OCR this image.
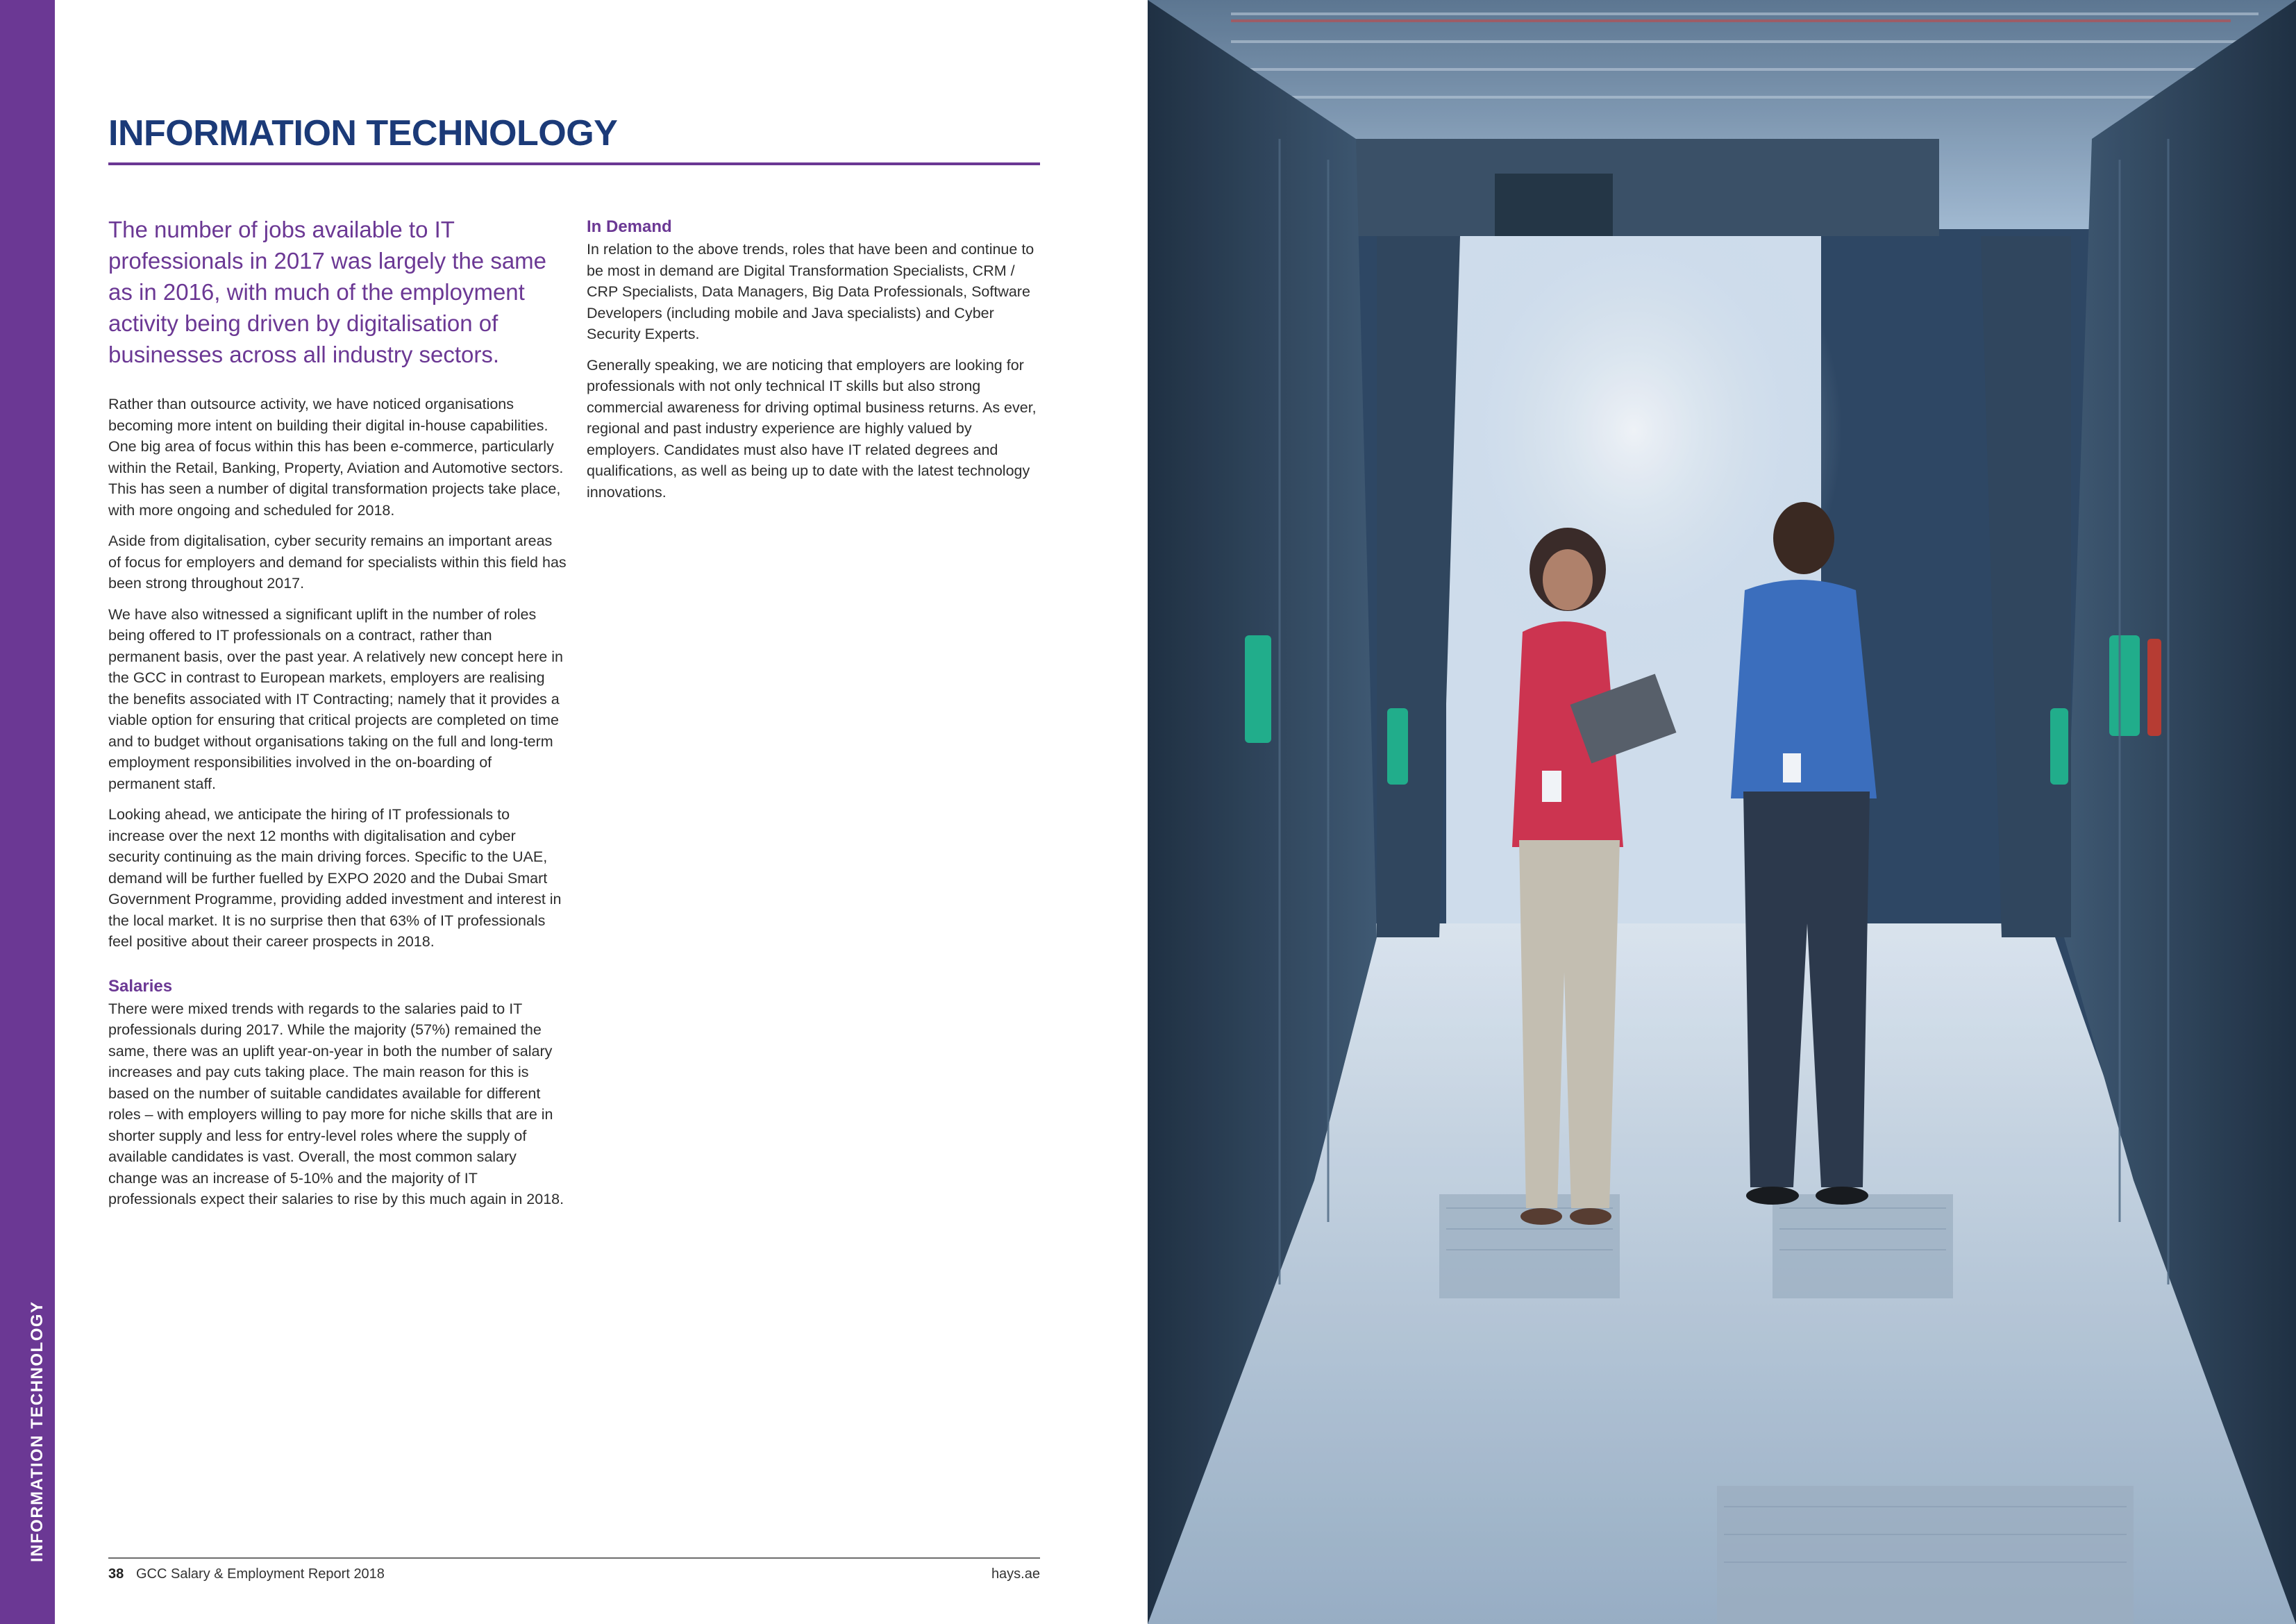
INFORMATION TECHNOLOGY
INFORMATION TECHNOLOGY

The number of jobs available to IT professionals in 2017 was largely the same as in 2016, with much of the employment activity being driven by digitalisation of businesses across all industry sectors.

Rather than outsource activity, we have noticed organisations becoming more intent on building their digital in-house capabilities. One big area of focus within this has been e-commerce, particularly within the Retail, Banking, Property, Aviation and Automotive sectors. This has seen a number of digital transformation projects take place, with more ongoing and scheduled for 2018.

Aside from digitalisation, cyber security remains an important areas of focus for employers and demand for specialists within this field has been strong throughout 2017.

We have also witnessed a significant uplift in the number of roles being offered to IT professionals on a contract, rather than permanent basis, over the past year. A relatively new concept here in the GCC in contrast to European markets, employers are realising the benefits associated with IT Contracting; namely that it provides a viable option for ensuring that critical projects are completed on time and to budget without organisations taking on the full and long-term employment responsibilities involved in the on-boarding of permanent staff.

Looking ahead, we anticipate the hiring of IT professionals to increase over the next 12 months with digitalisation and cyber security continuing as the main driving forces. Specific to the UAE, demand will be further fuelled by EXPO 2020 and the Dubai Smart Government Programme, providing added investment and interest in the local market. It is no surprise then that 63% of IT professionals feel positive about their career prospects in 2018.

Salaries

There were mixed trends with regards to the salaries paid to IT professionals during 2017. While the majority (57%) remained the same, there was an uplift year-on-year in both the number of salary increases and pay cuts taking place. The main reason for this is based on the number of suitable candidates available for different roles – with employers willing to pay more for niche skills that are in shorter supply and less for entry-level roles where the supply of available candidates is vast. Overall, the most common salary change was an increase of 5-10% and the majority of IT professionals expect their salaries to rise by this much again in 2018.

In Demand

In relation to the above trends, roles that have been and continue to be most in demand are Digital Transformation Specialists, CRM / CRP Specialists, Data Managers, Big Data Professionals, Software Developers (including mobile and Java specialists) and Cyber Security Experts.

Generally speaking, we are noticing that employers are looking for professionals with not only technical IT skills but also strong commercial awareness for driving optimal business returns. As ever, regional and past industry experience are highly valued by employers. Candidates must also have IT related degrees and qualifications, as well as being up to date with the latest technology innovations.

38 GCC Salary & Employment Report 2018	hays.ae
